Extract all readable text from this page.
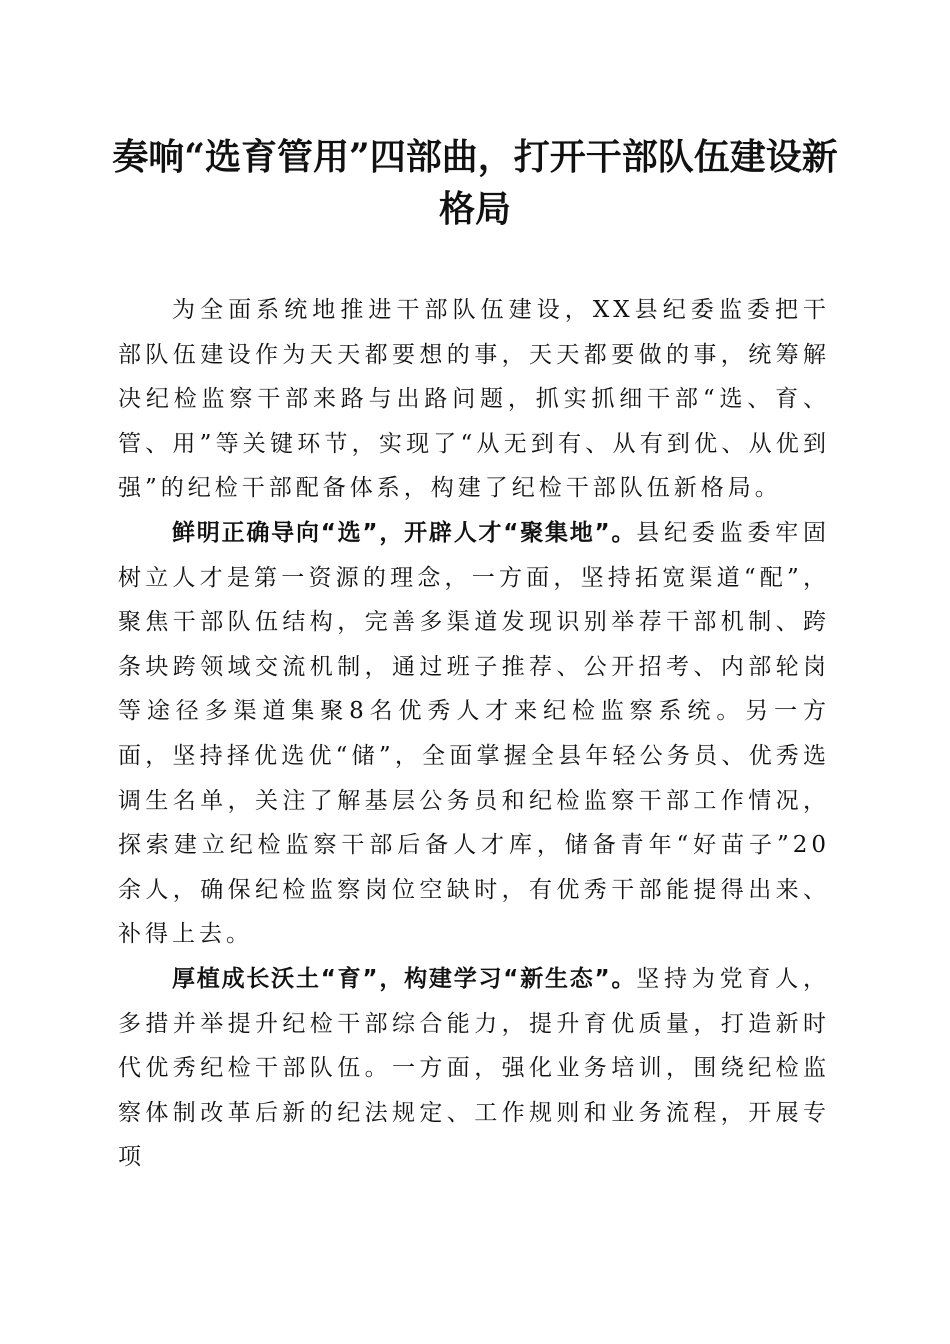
奏响“选育管用”四部曲，打开干部队伍建设新格局

为全面系统地推进干部队伍建设，XX县纪委监委把干部队伍建设作为天天都要想的事，天天都要做的事，统筹解决纪检监察干部来路与出路问题，抓实抓细干部“选、育、管、用”等关键环节，实现了“从无到有、从有到优、从优到强”的纪检干部配备体系，构建了纪检干部队伍新格局。

鲜明正确导向“选”，开辟人才“聚集地”。县纪委监委牢固树立人才是第一资源的理念，一方面，坚持拓宽渠道“配”，聚焦干部队伍结构，完善多渠道发现识别举荐干部机制、跨条块跨领域交流机制，通过班子推荐、公开招考、内部轮岗等途径多渠道集聚8名优秀人才来纪检监察系统。另一方面，坚持择优选优“储”，全面掌握全县年轻公务员、优秀选调生名单，关注了解基层公务员和纪检监察干部工作情况，探索建立纪检监察干部后备人才库，储备青年“好苗子”20余人，确保纪检监察岗位空缺时，有优秀干部能提得出来、补得上去。

厚植成长沃土“育”，构建学习“新生态”。坚持为党育人，多措并举提升纪检干部综合能力，提升育优质量，打造新时代优秀纪检干部队伍。一方面，强化业务培训，围绕纪检监察体制改革后新的纪法规定、工作规则和业务流程，开展专项
